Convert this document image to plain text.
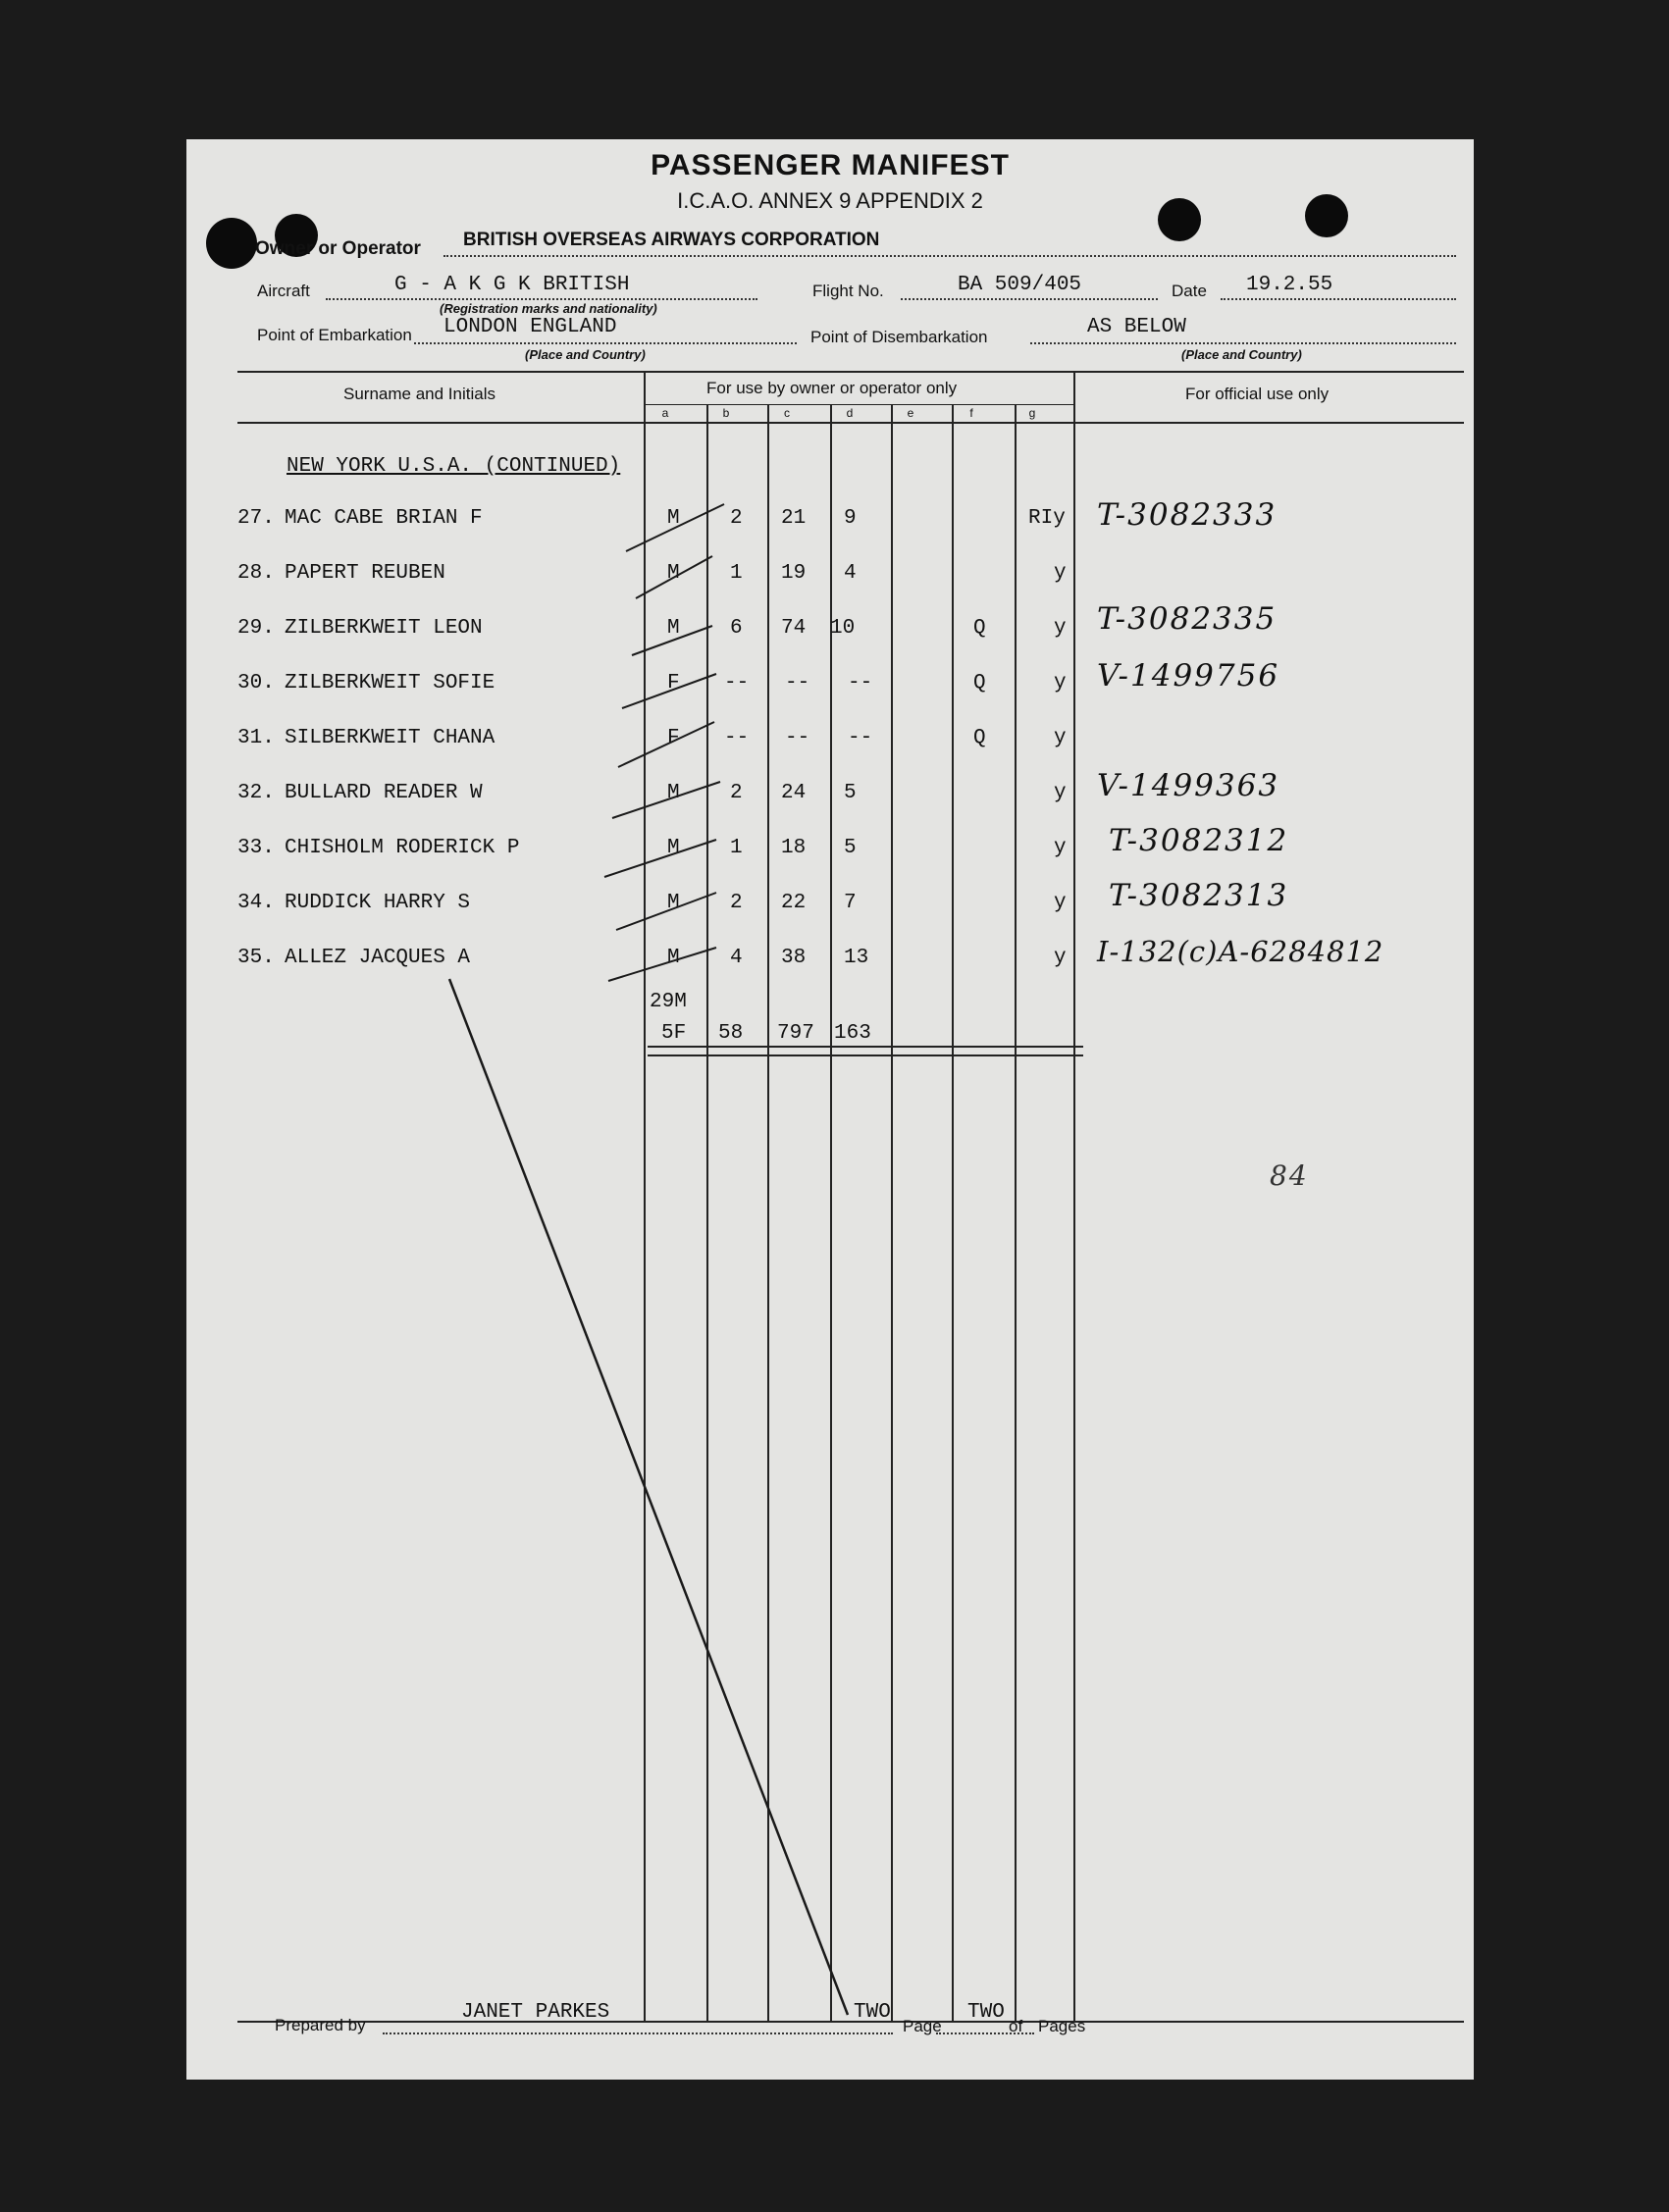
PASSENGER MANIFEST
I.C.A.O. ANNEX 9 APPENDIX 2
Owner or Operator BRITISH OVERSEAS AIRWAYS CORPORATION
Aircraft	G - A K G K BRITISH
(Registration marks and nationality)
Flight No.	BA 509/405	Date 19.2.55
Point of Embarkation LONDON ENGLAND
(Place and Country)
Point of Disembarkation	AS BELOW
(Place and Country)
Surname and Initials	For use by owner or operator only	For official use only
a	b	c	d	e	f	g
NEW YORK U.S.A. (CONTINUED)
27. MAC CABE BRIAN F	M 2 21 9	RIy T-3082333
28. PAPERT REUBEN	M 1 19 4	y
29. ZILBERKWEIT LEON	M 6 74 10	Q	y T-3082335
30. ZILBERKWEIT SOFIE	F -- -- --	Q	y V-1499756
31. SILBERKWEIT CHANA	F -- -- --	Q	y
32. BULLARD READER W	M 2 24 5	y V-1499363
33. CHISHOLM RODERICK P	M 1 18 5	y T-3082312
34. RUDDICK HARRY S	M 2 22 7	y T-3082313
35. ALLEZ JACQUES A	M 4 38 13	y I-132(c)A-6284812
29M
5F 58 797 163
84
Prepared by
JANET PARKES
Page
TWO
of
TWO
Pages
